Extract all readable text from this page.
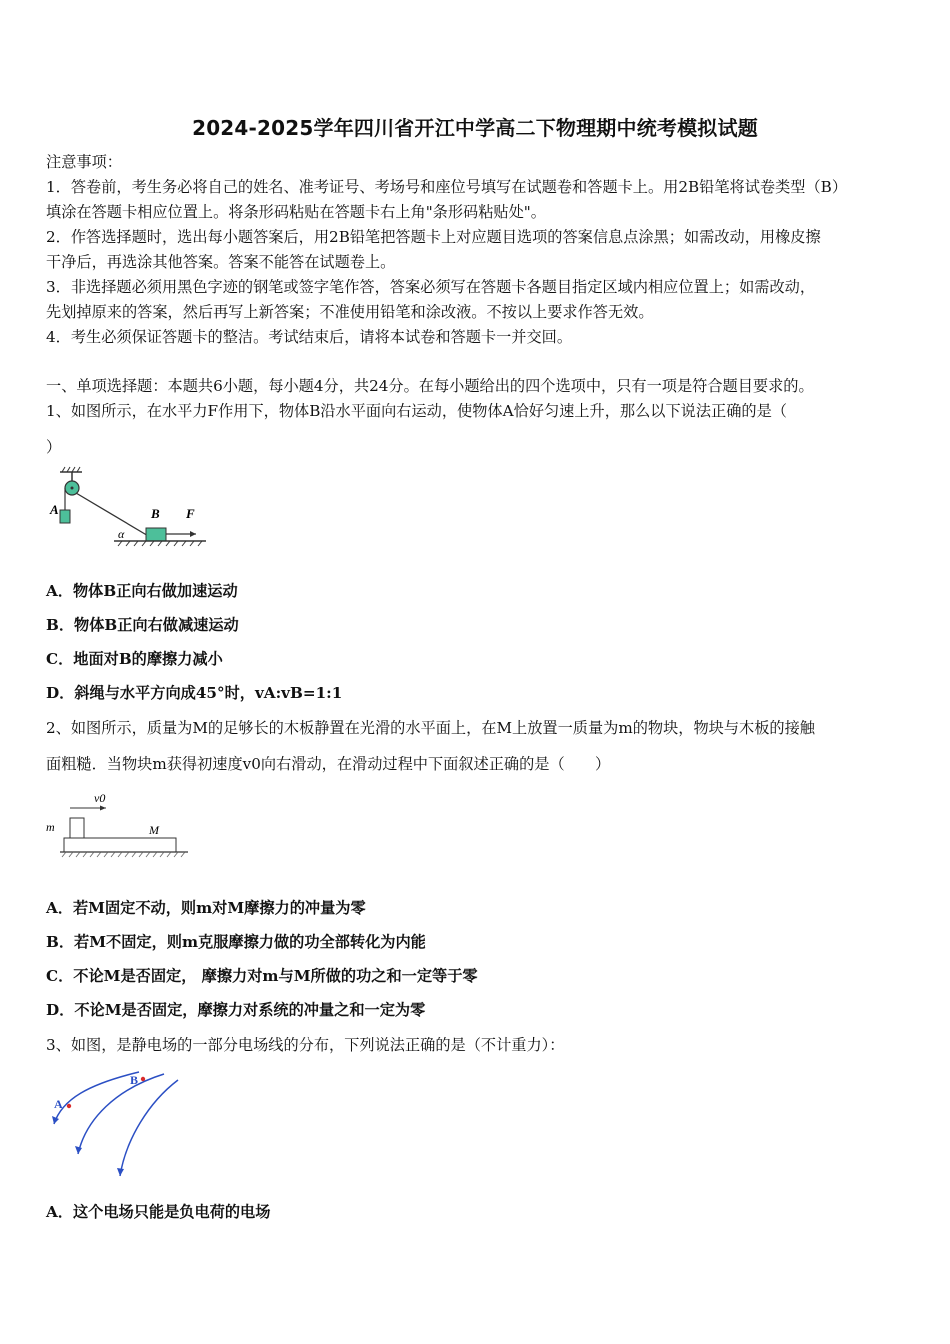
2024-2025学年四川省开江中学高二下物理期中统考模拟试题
注意事项：
1．答卷前，考生务必将自己的姓名、准考证号、考场号和座位号填写在试题卷和答题卡上。用2B铅笔将试卷类型（B）
填涂在答题卡相应位置上。将条形码粘贴在答题卡右上角"条形码粘贴处"。
2．作答选择题时，选出每小题答案后，用2B铅笔把答题卡上对应题目选项的答案信息点涂黑；如需改动，用橡皮擦
干净后，再选涂其他答案。答案不能答在试题卷上。
3．非选择题必须用黑色字迹的钢笔或签字笔作答，答案必须写在答题卡各题目指定区域内相应位置上；如需改动，
先划掉原来的答案，然后再写上新答案；不准使用铅笔和涂改液。不按以上要求作答无效。
4．考生必须保证答题卡的整洁。考试结束后，请将本试卷和答题卡一并交回。
一、单项选择题：本题共6小题，每小题4分，共24分。在每小题给出的四个选项中，只有一项是符合题目要求的。
1、如图所示，在水平力F作用下，物体B沿水平面向右运动，使物体A恰好匀速上升，那么以下说法正确的是（
）
A	B F
α
A．物体B正向右做加速运动
B．物体B正向右做减速运动
C．地面对B的摩擦力减小
D．斜绳与水平方向成45°时，vA:vB=1:1
2、如图所示，质量为M的足够长的木板静置在光滑的水平面上，在M上放置一质量为m的物块，物块与木板的接触
面粗糙．当物块m获得初速度v0向右滑动，在滑动过程中下面叙述正确的是（　　）
v0
m	M
A．若M固定不动，则m对M摩擦力的冲量为零
B．若M不固定，则m克服摩擦力做的功全部转化为内能
C．不论M是否固定， 摩擦力对m与M所做的功之和一定等于零
D．不论M是否固定，摩擦力对系统的冲量之和一定为零
3、如图，是静电场的一部分电场线的分布，下列说法正确的是（不计重力）：
A
B
A．这个电场只能是负电荷的电场
